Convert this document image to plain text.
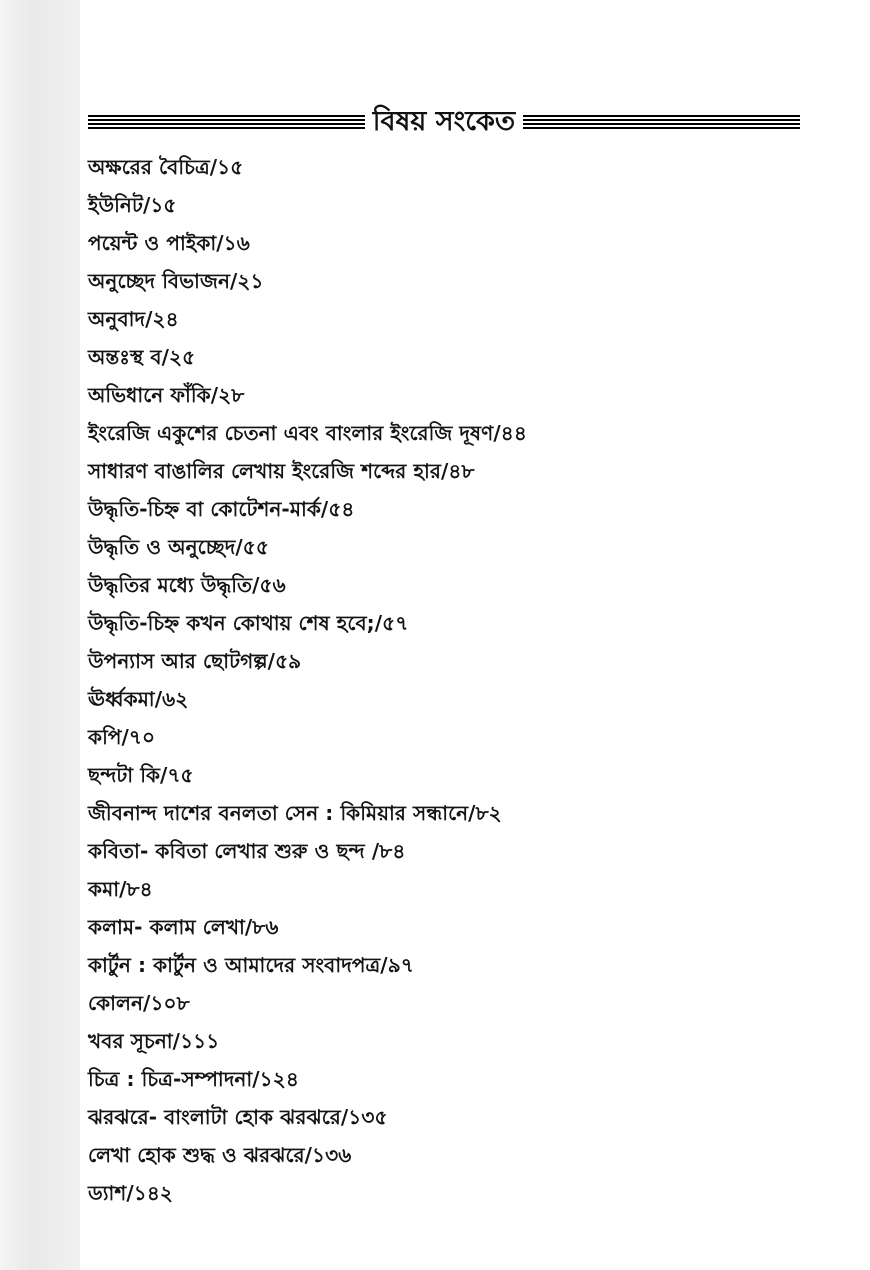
বিষয় সংকেত
অক্ষরের বৈচিত্র/১৫
ইউনিট/১৫
পয়েন্ট ও পাইকা/১৬
অনুচ্ছেদ বিভাজন/২১
অনুবাদ/২৪
অন্তঃস্থ ব/২৫
অভিধানে ফাঁকি/২৮
ইংরেজি একুশের চেতনা এবং বাংলার ইংরেজি দূষণ/৪৪
সাধারণ বাঙালির লেখায় ইংরেজি শব্দের হার/৪৮
উদ্ধৃতি-চিহ্ন বা কোটেশন-মার্ক/৫৪
উদ্ধৃতি ও অনুচ্ছেদ/৫৫
উদ্ধৃতির মধ্যে উদ্ধৃতি/৫৬
উদ্ধৃতি-চিহ্ন কখন কোথায় শেষ হবে;/৫৭
উপন্যাস আর ছোটগল্প/৫৯
ঊর্ধ্বকমা/৬২
কপি/৭০
ছন্দটা কি/৭৫
জীবনান্দ দাশের বনলতা সেন : কিমিয়ার সন্ধানে/৮২
কবিতা- কবিতা লেখার শুরু ও ছন্দ /৮৪
কমা/৮৪
কলাম- কলাম লেখা/৮৬
কার্টুন : কার্টুন ও আমাদের সংবাদপত্র/৯৭
কোলন/১০৮
খবর সূচনা/১১১
চিত্র : চিত্র-সম্পাদনা/১২৪
ঝরঝরে- বাংলাটা হোক ঝরঝরে/১৩৫
লেখা হোক শুদ্ধ ও ঝরঝরে/১৩৬
ড্যাশ/১৪২
